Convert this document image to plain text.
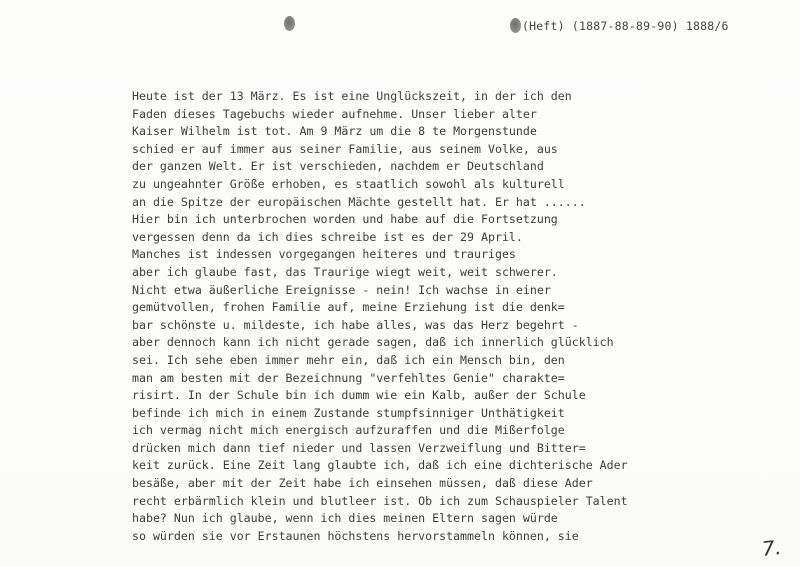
(Heft) (1887-88-89-90) 1888/6
Heute ist der 13 März. Es ist eine Unglückszeit, in der ich den
Faden dieses Tagebuchs wieder aufnehme. Unser lieber alter
Kaiser Wilhelm ist tot. Am 9 März um die 8 te Morgenstunde
schied er auf immer aus seiner Familie, aus seinem Volke, aus
der ganzen Welt. Er ist verschieden, nachdem er Deutschland
zu ungeahnter Größe erhoben, es staatlich sowohl als kulturell
an die Spitze der europäischen Mächte gestellt hat. Er hat ......
Hier bin ich unterbrochen worden und habe auf die Fortsetzung
vergessen denn da ich dies schreibe ist es der 29 April.
Manches ist indessen vorgegangen heiteres und trauriges
aber ich glaube fast, das Traurige wiegt weit, weit schwerer.
Nicht etwa äußerliche Ereignisse - nein! Ich wachse in einer
gemütvollen, frohen Familie auf, meine Erziehung ist die denk=
bar schönste u. mildeste, ich habe alles, was das Herz begehrt -
aber dennoch kann ich nicht gerade sagen, daß ich innerlich glücklich
sei. Ich sehe eben immer mehr ein, daß ich ein Mensch bin, den
man am besten mit der Bezeichnung "verfehltes Genie" charakte=
risirt. In der Schule bin ich dumm wie ein Kalb, außer der Schule
befinde ich mich in einem Zustande stumpfsinniger Unthätigkeit
ich vermag nicht mich energisch aufzuraffen und die Mißerfolge
drücken mich dann tief nieder und lassen Verzweiflung und Bitter=
keit zurück. Eine Zeit lang glaubte ich, daß ich eine dichterische Ader
besäße, aber mit der Zeit habe ich einsehen müssen, daß diese Ader
recht erbärmlich klein und blutleer ist. Ob ich zum Schauspieler Talent
habe? Nun ich glaube, wenn ich dies meinen Eltern sagen würde
so würden sie vor Erstaunen höchstens hervorstammeln können, sie	7.
